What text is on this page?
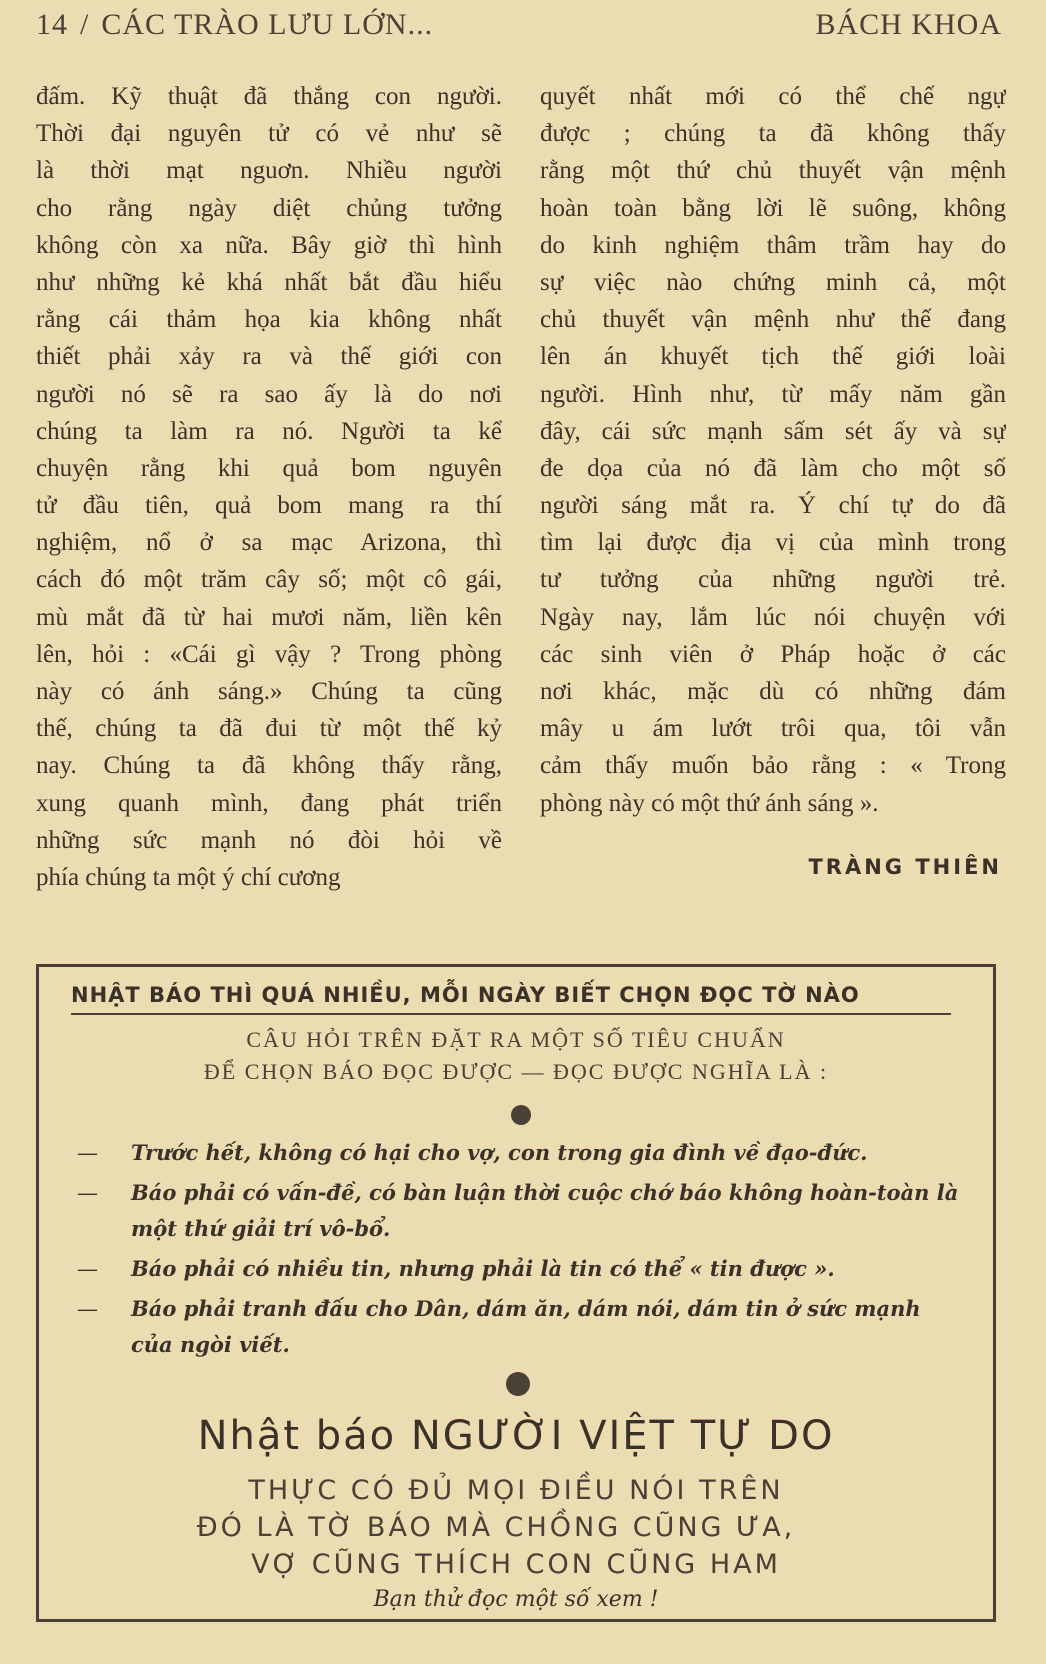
14 / CÁC TRÀO LƯU LỚN...	BÁCH KHOA
đấm. Kỹ thuật đã thắng con người.
Thời đại nguyên tử có vẻ như sẽ
là thời mạt nguơn. Nhiều người
cho rằng ngày diệt chủng tưởng
không còn xa nữa. Bây giờ thì hình
như những kẻ khá nhất bắt đầu hiểu
rằng cái thảm họa kia không nhất
thiết phải xảy ra và thế giới con
người nó sẽ ra sao ấy là do nơi
chúng ta làm ra nó. Người ta kể
chuyện rằng khi quả bom nguyên
tử đầu tiên, quả bom mang ra thí
nghiệm, nổ ở sa mạc Arizona, thì
cách đó một trăm cây số; một cô gái,
mù mắt đã từ hai mươi năm, liền kên
lên, hỏi : «Cái gì vậy ? Trong phòng
này có ánh sáng.» Chúng ta cũng
thế, chúng ta đã đui từ một thế kỷ
nay. Chúng ta đã không thấy rằng,
xung quanh mình, đang phát triển
những sức mạnh nó đòi hỏi về
phía chúng ta một ý chí cương
quyết nhất mới có thể chế ngự
được ; chúng ta đã không thấy
rằng một thứ chủ thuyết vận mệnh
hoàn toàn bằng lời lẽ suông, không
do kinh nghiệm thâm trầm hay do
sự việc nào chứng minh cả, một
chủ thuyết vận mệnh như thế đang
lên án khuyết tịch thế giới loài
người. Hình như, từ mấy năm gần
đây, cái sức mạnh sấm sét ấy và sự
đe dọa của nó đã làm cho một số
người sáng mắt ra. Ý chí tự do đã
tìm lại được địa vị của mình trong
tư tưởng của những người trẻ.
Ngày nay, lắm lúc nói chuyện với
các sinh viên ở Pháp hoặc ở các
nơi khác, mặc dù có những đám
mây u ám lướt trôi qua, tôi vẫn
cảm thấy muốn bảo rằng : « Trong
phòng này có một thứ ánh sáng ».
TRÀNG THIÊN
NHẬT BÁO THÌ QUÁ NHIỀU, MỖI NGÀY BIẾT CHỌN ĐỌC TỜ NÀO
CÂU HỎI TRÊN ĐẶT RA MỘT SỐ TIÊU CHUẨN
ĐỂ CHỌN BÁO ĐỌC ĐƯỢC — ĐỌC ĐƯỢC NGHĨA LÀ :
— Trước hết, không có hại cho vợ, con trong gia đình về đạo-đức.
— Báo phải có vấn-đề, có bàn luận thời cuộc chớ báo không hoàn-toàn là một thứ giải trí vô-bổ.
— Báo phải có nhiều tin, nhưng phải là tin có thể « tin được ».
— Báo phải tranh đấu cho Dân, dám ăn, dám nói, dám tin ở sức mạnh của ngòi viết.
Nhật báo NGƯỜI VIỆT TỰ DO
THỰC CÓ ĐỦ MỌI ĐIỀU NÓI TRÊN
ĐÓ LÀ TỜ BÁO MÀ CHỒNG CŨNG ƯA,
VỢ CŨNG THÍCH CON CŨNG HAM
Bạn thử đọc một số xem !
